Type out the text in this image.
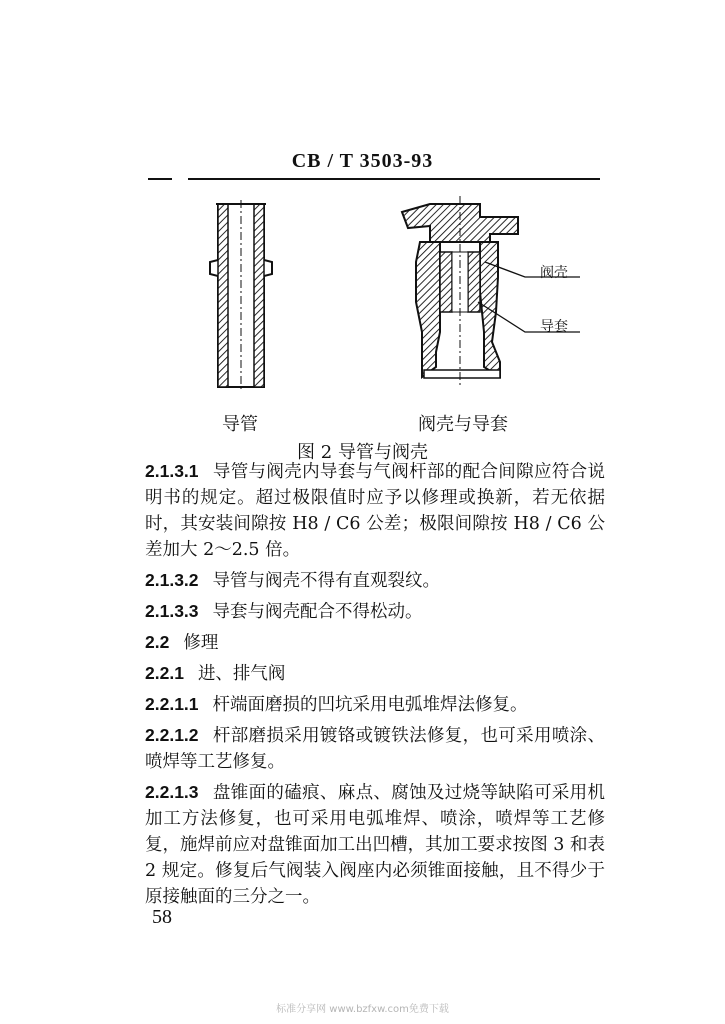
CB / T 3503-93
阀壳
导套
导管	阀壳与导套
图 2 导管与阀壳

2.1.3.1 导管与阀壳内导套与气阀杆部的配合间隙应符合说明书的规定。超过极限值时应予以修理或换新，若无依据时，其安装间隙按 H8 / C6 公差；极限间隙按 H8 / C6 公差加大 2～2.5 倍。

2.1.3.2 导管与阀壳不得有直观裂纹。

2.1.3.3 导套与阀壳配合不得松动。

2.2 修理

2.2.1 进、排气阀

2.2.1.1 杆端面磨损的凹坑采用电弧堆焊法修复。

2.2.1.2 杆部磨损采用镀铬或镀铁法修复，也可采用喷涂、喷焊等工艺修复。

2.2.1.3 盘锥面的磕痕、麻点、腐蚀及过烧等缺陷可采用机加工方法修复，也可采用电弧堆焊、喷涂，喷焊等工艺修复，施焊前应对盘锥面加工出凹槽，其加工要求按图 3 和表 2 规定。修复后气阀装入阀座内必须锥面接触，且不得少于原接触面的三分之一。

58
标准分享网 www.bzfxw.com免费下载
